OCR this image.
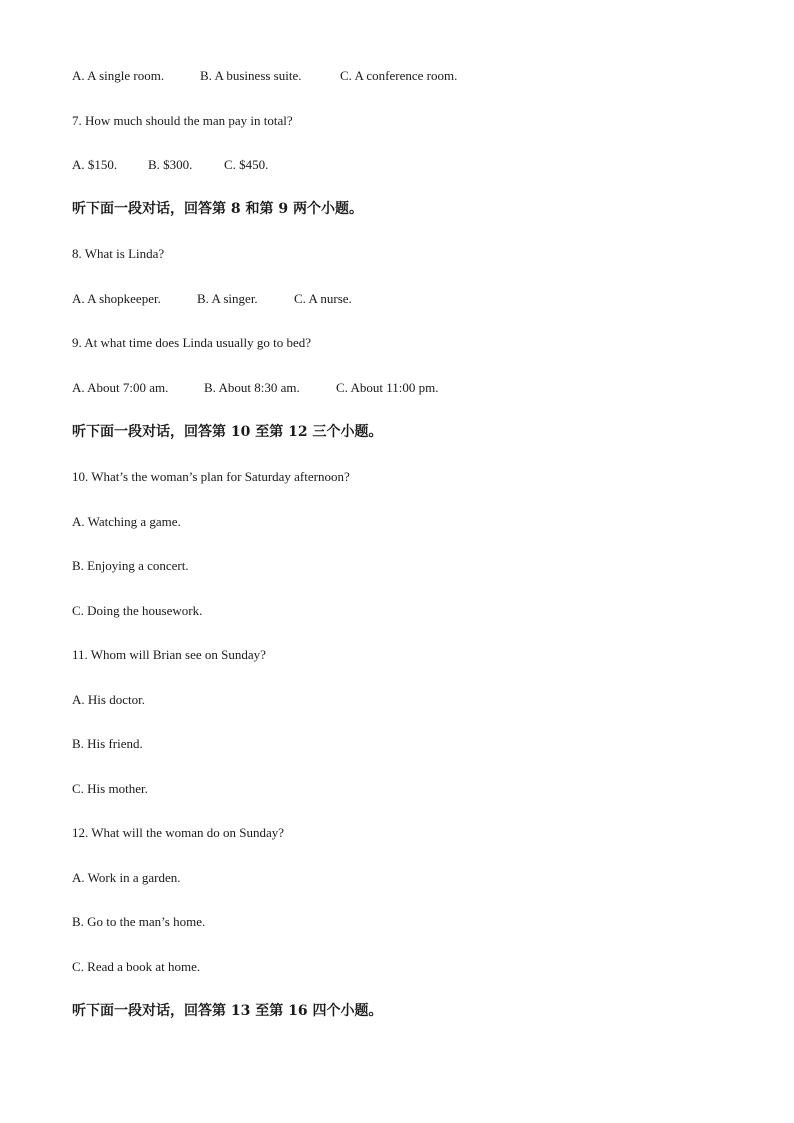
A. A single room.	B. A business suite.	C. A conference room.
7. How much should the man pay in total?
A. $150. B. $300. C. $450.
听下面一段对话，回答第 8 和第 9 两个小题。
8. What is Linda?
A. A shopkeeper.	B. A singer.	C. A nurse.
9. At what time does Linda usually go to bed?
A. About 7:00 am.	B. About 8:30 am.	C. About 11:00 pm.
听下面一段对话，回答第 10 至第 12 三个小题。
10. What’s the woman’s plan for Saturday afternoon?
A. Watching a game.
B. Enjoying a concert.
C. Doing the housework.
11. Whom will Brian see on Sunday?
A. His doctor.
B. His friend.
C. His mother.
12. What will the woman do on Sunday?
A. Work in a garden.
B. Go to the man’s home.
C. Read a book at home.
听下面一段对话，回答第 13 至第 16 四个小题。
